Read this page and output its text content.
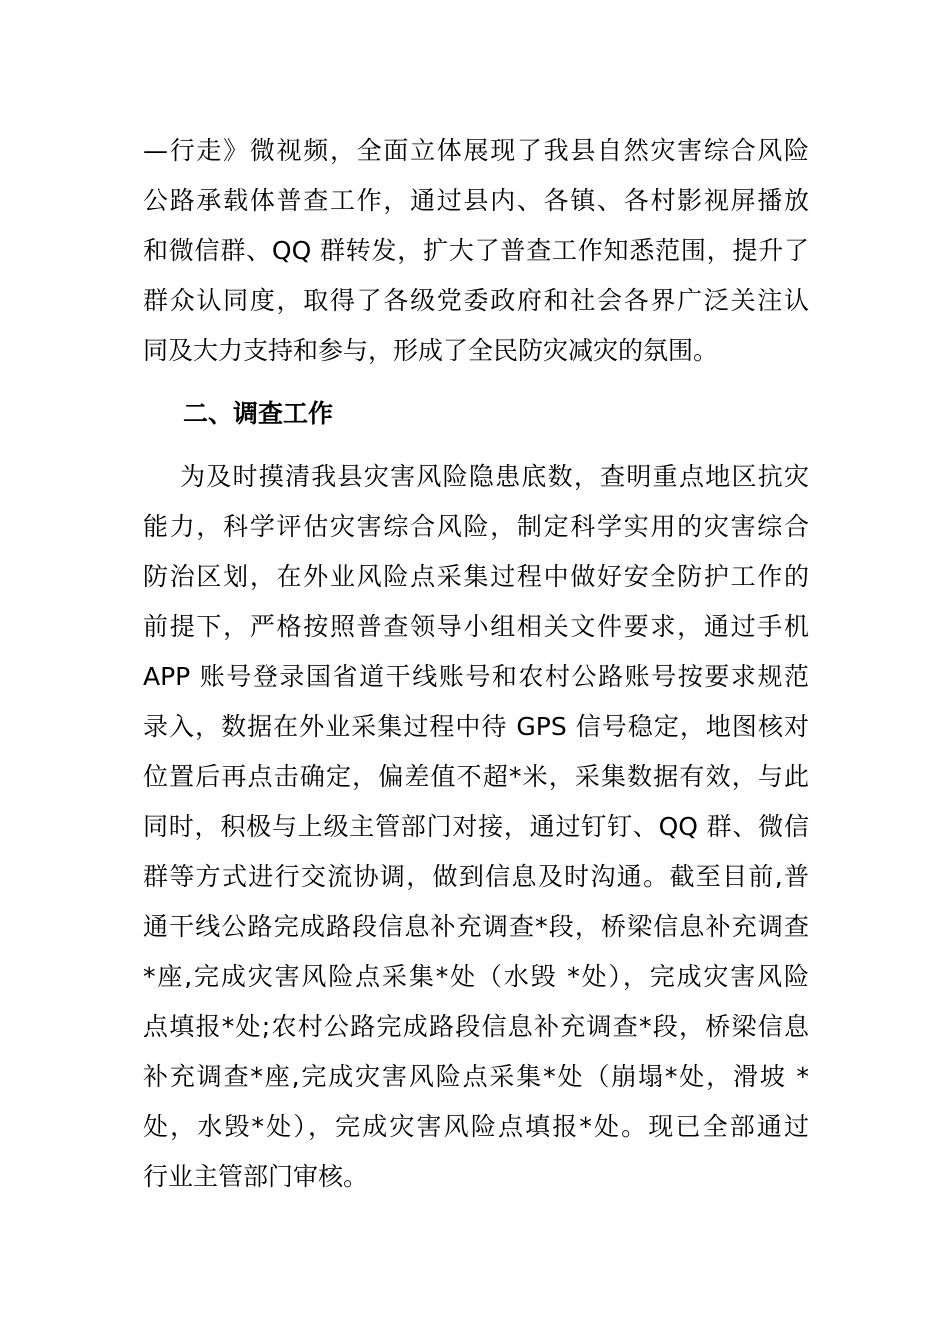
—行走》微视频，全面立体展现了我县自然灾害综合风险
公路承载体普查工作，通过县内、各镇、各村影视屏播放
和微信群、QQ 群转发，扩大了普查工作知悉范围，提升了
群众认同度，取得了各级党委政府和社会各界广泛关注认
同及大力支持和参与，形成了全民防灾减灾的氛围。
二、调查工作
为及时摸清我县灾害风险隐患底数，查明重点地区抗灾
能力，科学评估灾害综合风险，制定科学实用的灾害综合
防治区划，在外业风险点采集过程中做好安全防护工作的
前提下，严格按照普查领导小组相关文件要求，通过手机
APP 账号登录国省道干线账号和农村公路账号按要求规范
录入，数据在外业采集过程中待 GPS 信号稳定，地图核对
位置后再点击确定，偏差值不超*米，采集数据有效，与此
同时，积极与上级主管部门对接，通过钉钉、QQ 群、微信
群等方式进行交流协调，做到信息及时沟通。截至目前,普
通干线公路完成路段信息补充调查*段，桥梁信息补充调查
*座,完成灾害风险点采集*处（水毁 *处），完成灾害风险
点填报*处;农村公路完成路段信息补充调查*段，桥梁信息
补充调查*座,完成灾害风险点采集*处（崩塌*处，滑坡 *
处，水毁*处），完成灾害风险点填报*处。现已全部通过
行业主管部门审核。
